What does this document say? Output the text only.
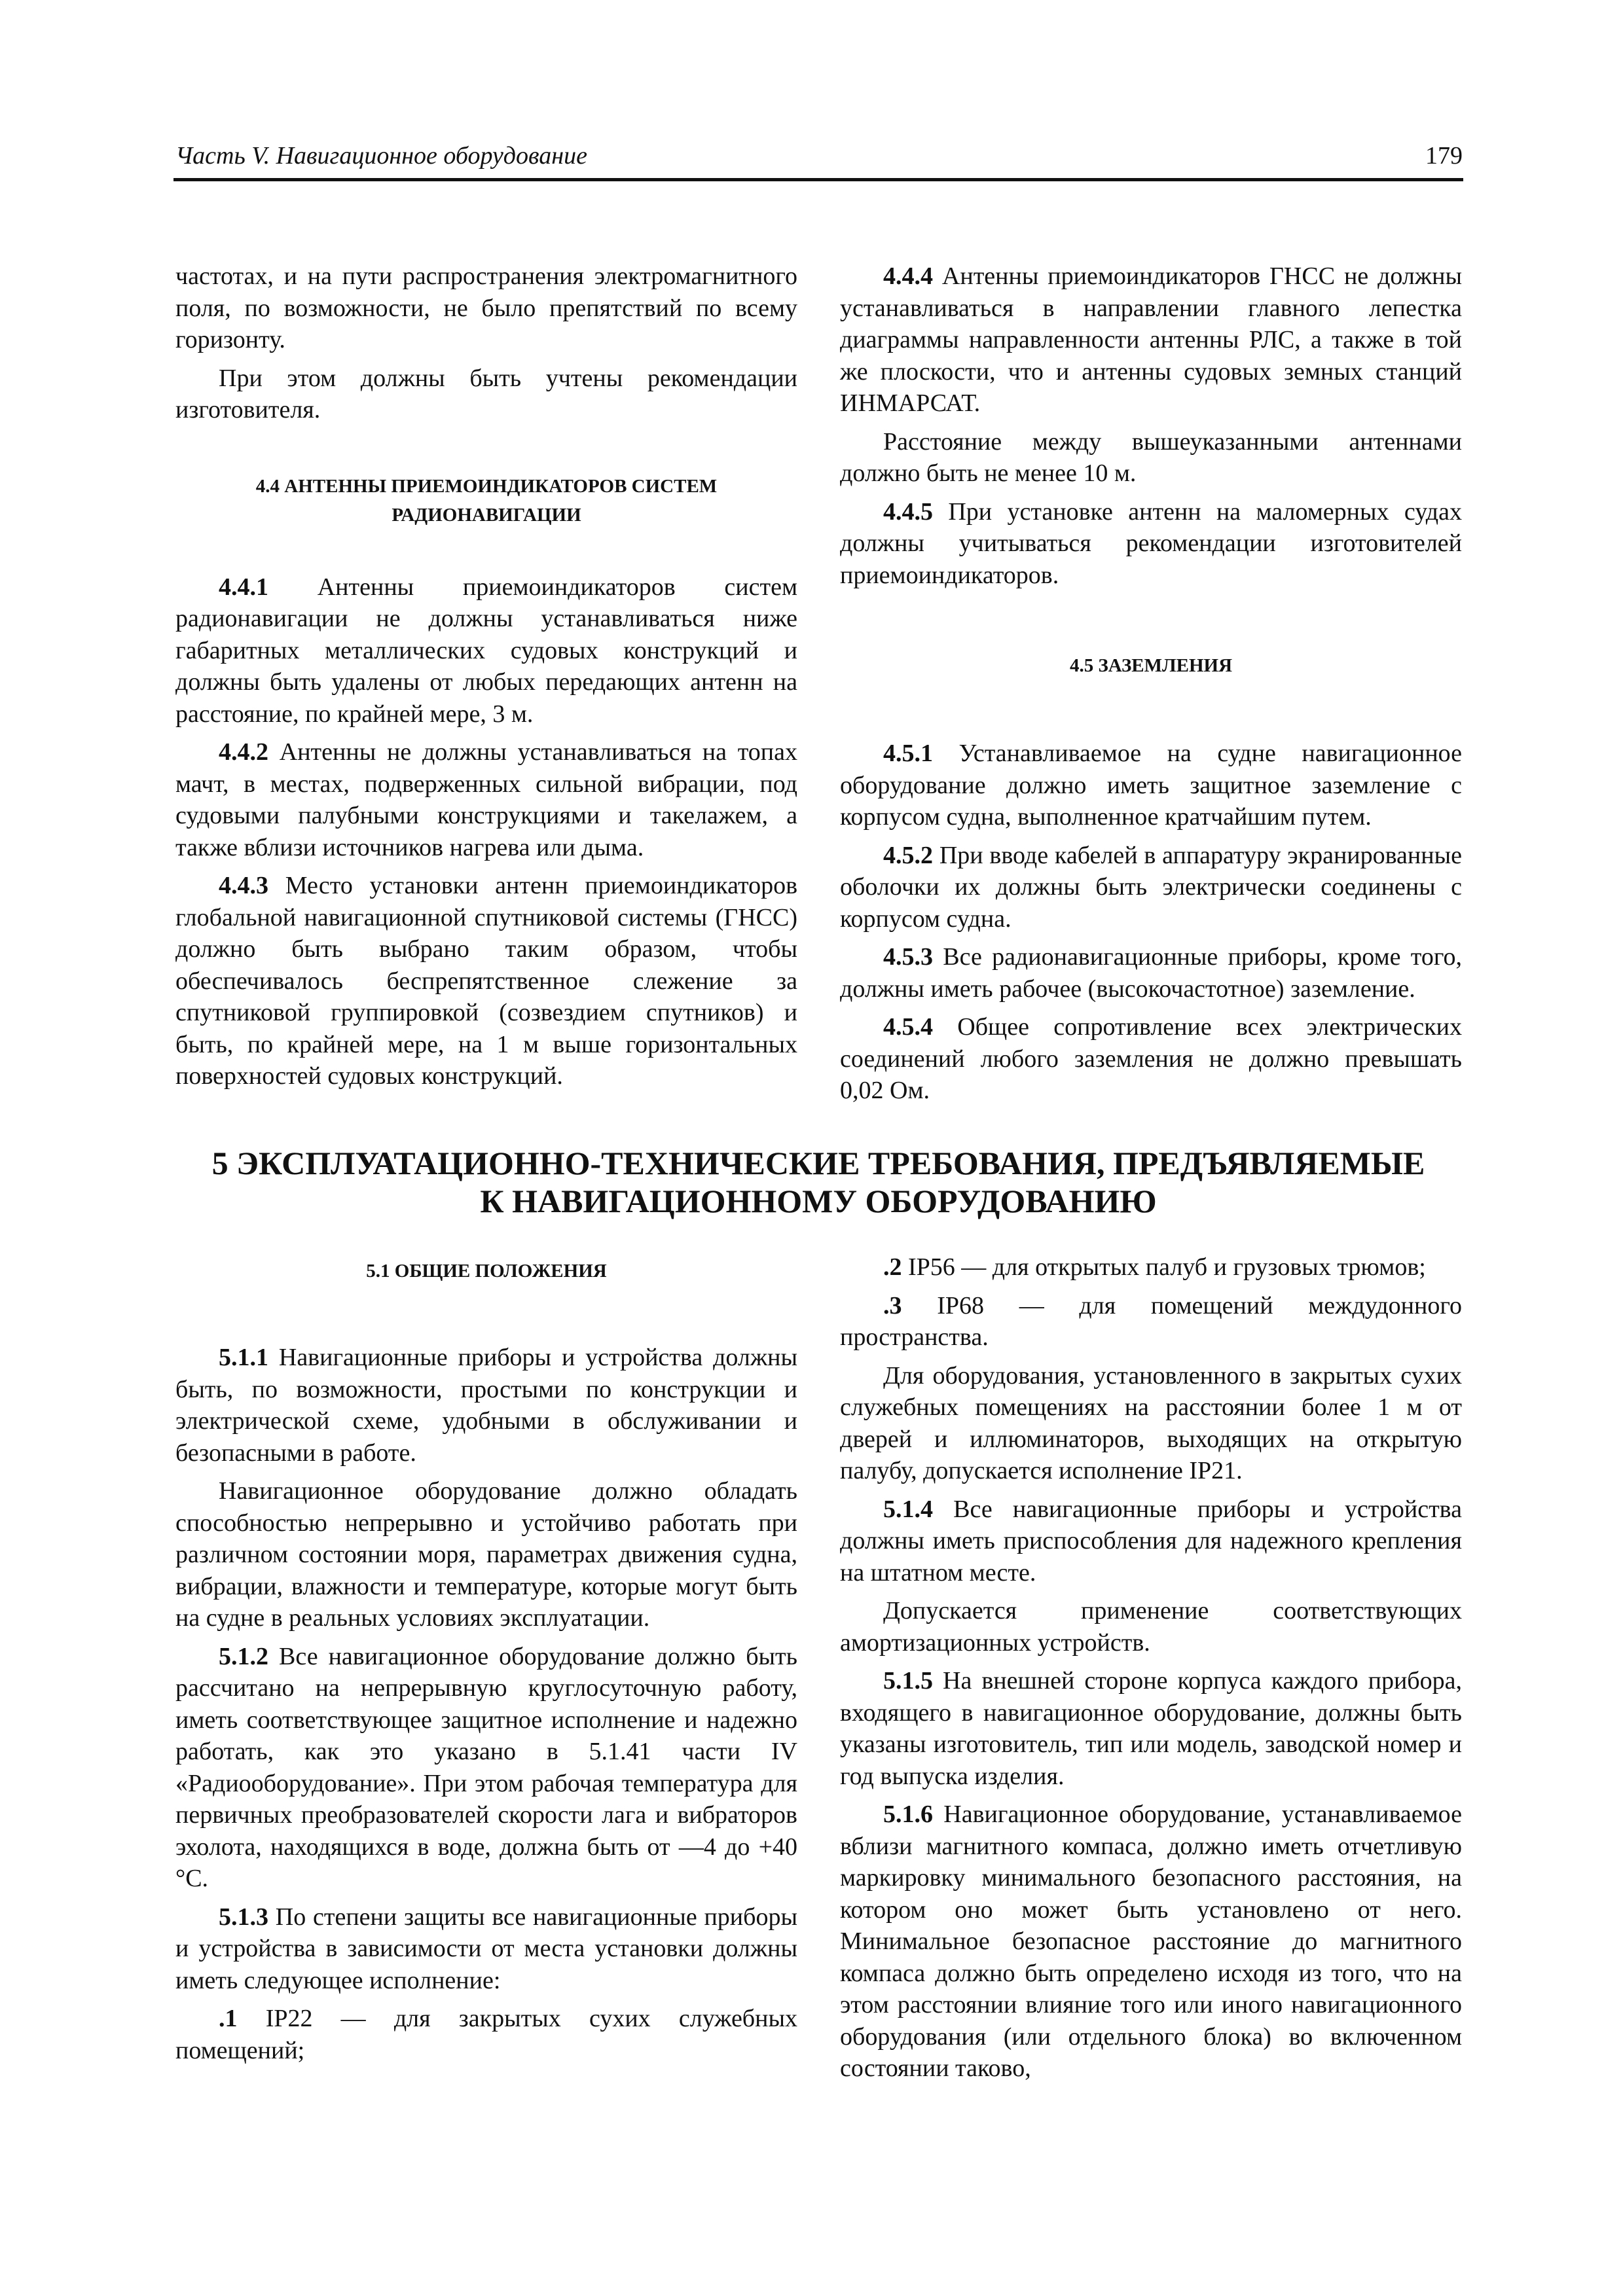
Часть V. Навигационное оборудование	179

частотах, и на пути распространения электромагнитного поля, по возможности, не было препятствий по всему горизонту.

При этом должны быть учтены рекомендации изготовителя.

4.4 АНТЕННЫ ПРИЕМОИНДИКАТОРОВ СИСТЕМ РАДИОНАВИГАЦИИ

4.4.1 Антенны приемоиндикаторов систем радионавигации не должны устанавливаться ниже габаритных металлических судовых конструкций и должны быть удалены от любых передающих антенн на расстояние, по крайней мере, 3 м.

4.4.2 Антенны не должны устанавливаться на топах мачт, в местах, подверженных сильной вибрации, под судовыми палубными конструкциями и такелажем, а также вблизи источников нагрева или дыма.

4.4.3 Место установки антенн приемоиндикаторов глобальной навигационной спутниковой системы (ГНСС) должно быть выбрано таким образом, чтобы обеспечивалось беспрепятственное слежение за спутниковой группировкой (созвездием спутников) и быть, по крайней мере, на 1 м выше горизонтальных поверхностей судовых конструкций.

4.4.4 Антенны приемоиндикаторов ГНСС не должны устанавливаться в направлении главного лепестка диаграммы направленности антенны РЛС, а также в той же плоскости, что и антенны судовых земных станций ИНМАРСАТ.

Расстояние между вышеуказанными антеннами должно быть не менее 10 м.

4.4.5 При установке антенн на маломерных судах должны учитываться рекомендации изготовителей приемоиндикаторов.

4.5 ЗАЗЕМЛЕНИЯ

4.5.1 Устанавливаемое на судне навигационное оборудование должно иметь защитное заземление с корпусом судна, выполненное кратчайшим путем.

4.5.2 При вводе кабелей в аппаратуру экранированные оболочки их должны быть электрически соединены с корпусом судна.

4.5.3 Все радионавигационные приборы, кроме того, должны иметь рабочее (высокочастотное) заземление.

4.5.4 Общее сопротивление всех электрических соединений любого заземления не должно превышать 0,02 Ом.

5 ЭКСПЛУАТАЦИОННО-ТЕХНИЧЕСКИЕ ТРЕБОВАНИЯ, ПРЕДЪЯВЛЯЕМЫЕ
К НАВИГАЦИОННОМУ ОБОРУДОВАНИЮ
5.1 ОБЩИЕ ПОЛОЖЕНИЯ

5.1.1 Навигационные приборы и устройства должны быть, по возможности, простыми по конструкции и электрической схеме, удобными в обслуживании и безопасными в работе.

Навигационное оборудование должно обладать способностью непрерывно и устойчиво работать при различном состоянии моря, параметрах движения судна, вибрации, влажности и температуре, которые могут быть на судне в реальных условиях эксплуатации.

5.1.2 Все навигационное оборудование должно быть рассчитано на непрерывную круглосуточную работу, иметь соответствующее защитное исполнение и надежно работать, как это указано в 5.1.41 части IV «Радиооборудование». При этом рабочая температура для первичных преобразователей скорости лага и вибраторов эхолота, находящихся в воде, должна быть от —4 до +40 °С.

5.1.3 По степени защиты все навигационные приборы и устройства в зависимости от места установки должны иметь следующее исполнение:

.1 IP22 — для закрытых сухих служебных помещений;

.2 IP56 — для открытых палуб и грузовых трюмов;

.3 IP68 — для помещений междудонного пространства.

Для оборудования, установленного в закрытых сухих служебных помещениях на расстоянии более 1 м от дверей и иллюминаторов, выходящих на открытую палубу, допускается исполнение IP21.

5.1.4 Все навигационные приборы и устройства должны иметь приспособления для надежного крепления на штатном месте.

Допускается применение соответствующих амортизационных устройств.

5.1.5 На внешней стороне корпуса каждого прибора, входящего в навигационное оборудование, должны быть указаны изготовитель, тип или модель, заводской номер и год выпуска изделия.

5.1.6 Навигационное оборудование, устанавливаемое вблизи магнитного компаса, должно иметь отчетливую маркировку минимального безопасного расстояния, на котором оно может быть установлено от него. Минимальное безопасное расстояние до магнитного компаса должно быть определено исходя из того, что на этом расстоянии влияние того или иного навигационного оборудования (или отдельного блока) во включенном состоянии таково,
